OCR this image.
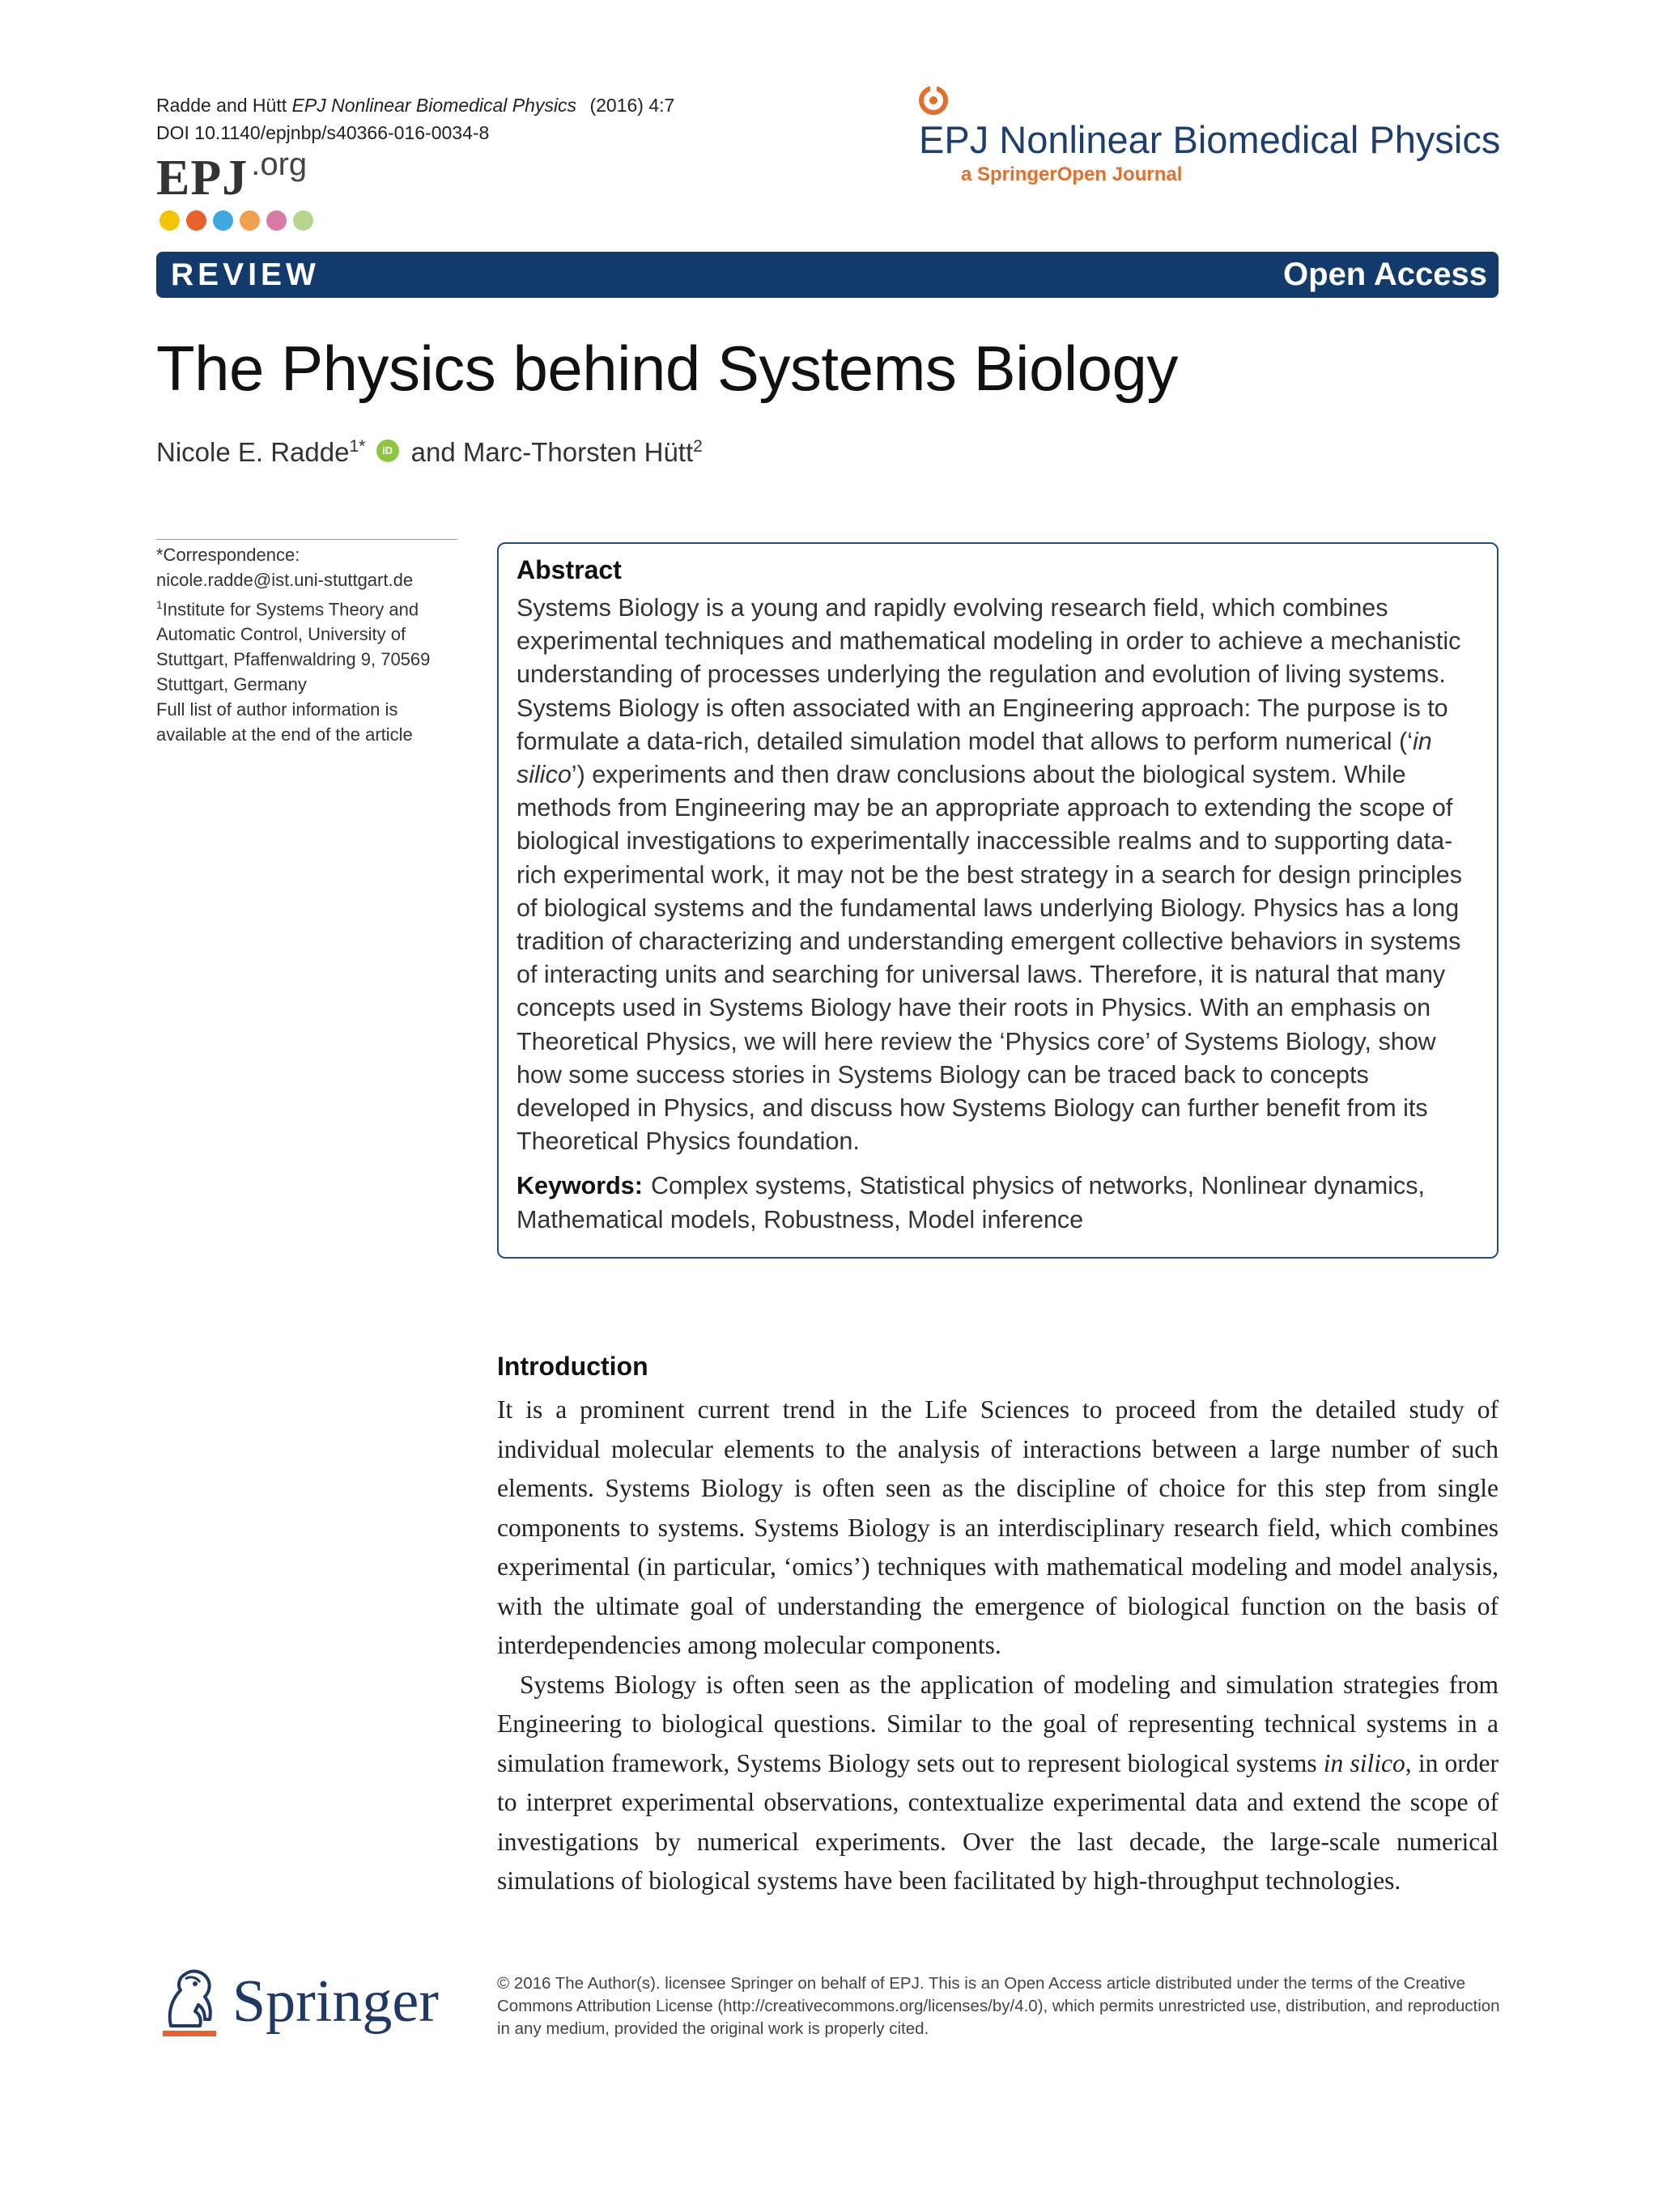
Radde and Hütt EPJ Nonlinear Biomedical Physics (2016) 4:7
DOI 10.1140/epjnbp/s40366-016-0034-8
EPJ .org
EPJ Nonlinear Biomedical Physics
a SpringerOpen Journal
REVIEW	Open Access
The Physics behind Systems Biology
Nicole E. Radde$^{1*}$ iD and Marc-Thorsten Hütt$^2$
*Correspondence:
nicole.radde@ist.uni-stuttgart.de
$^1$Institute for Systems Theory and Automatic Control, University of Stuttgart, Pfaffenwaldring 9, 70569 Stuttgart, Germany
Full list of author information is available at the end of the article
Abstract
Systems Biology is a young and rapidly evolving research field, which combines experimental techniques and mathematical modeling in order to achieve a mechanistic understanding of processes underlying the regulation and evolution of living systems. Systems Biology is often associated with an Engineering approach: The purpose is to formulate a data-rich, detailed simulation model that allows to perform numerical (‘in silico’) experiments and then draw conclusions about the biological system. While methods from Engineering may be an appropriate approach to extending the scope of biological investigations to experimentally inaccessible realms and to supporting data-rich experimental work, it may not be the best strategy in a search for design principles of biological systems and the fundamental laws underlying Biology. Physics has a long tradition of characterizing and understanding emergent collective behaviors in systems of interacting units and searching for universal laws. Therefore, it is natural that many concepts used in Systems Biology have their roots in Physics. With an emphasis on Theoretical Physics, we will here review the ‘Physics core’ of Systems Biology, show how some success stories in Systems Biology can be traced back to concepts developed in Physics, and discuss how Systems Biology can further benefit from its Theoretical Physics foundation.
Keywords: Complex systems, Statistical physics of networks, Nonlinear dynamics, Mathematical models, Robustness, Model inference
Introduction

It is a prominent current trend in the Life Sciences to proceed from the detailed study of individual molecular elements to the analysis of interactions between a large number of such elements. Systems Biology is often seen as the discipline of choice for this step from single components to systems. Systems Biology is an interdisciplinary research field, which combines experimental (in particular, ‘omics’) techniques with mathematical modeling and model analysis, with the ultimate goal of understanding the emergence of biological function on the basis of interdependencies among molecular components.

Systems Biology is often seen as the application of modeling and simulation strategies from Engineering to biological questions. Similar to the goal of representing technical systems in a simulation framework, Systems Biology sets out to represent biological systems in silico, in order to interpret experimental observations, contextualize experimental data and extend the scope of investigations by numerical experiments. Over the last decade, the large-scale numerical simulations of biological systems have been facilitated by high-throughput technologies.

Springer	© 2016 The Author(s). licensee Springer on behalf of EPJ. This is an Open Access article distributed under the terms of the Creative Commons Attribution License (http://creativecommons.org/licenses/by/4.0), which permits unrestricted use, distribution, and reproduction in any medium, provided the original work is properly cited.
